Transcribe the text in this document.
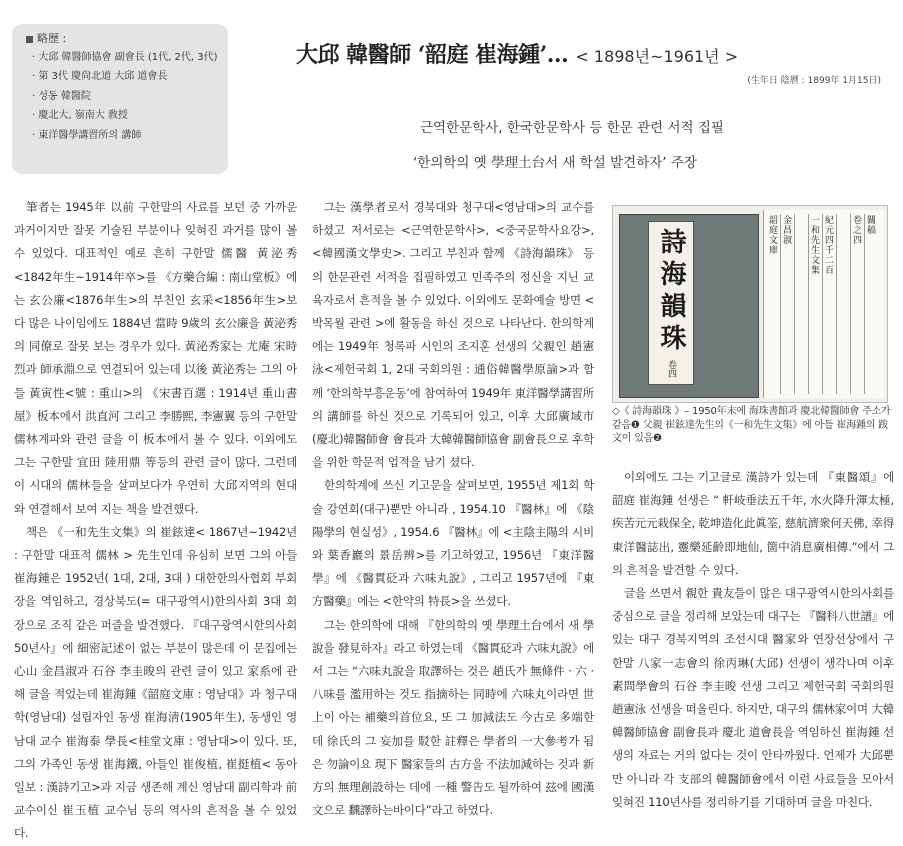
略歷 :
· 大邱 韓醫師協會 副會長 (1代, 2代, 3代)
· 第 3代 慶尙北道 大邱 道會長
· 성동 韓醫院
· 慶北大, 嶺南大 敎授
· 東洋醫學講習所의 講師
大邱 韓醫師 ‘韶庭 崔海鍾’… < 1898년~1961년 >
(生年日 陰曆 : 1899年 1月15日)
근역한문학사, 한국한문학사 등 한문 관련 서적 집필
‘한의학의 옛 學理土台서 새 학설 발견하자’ 주장

筆者는 1945年 以前 구한말의 사료를 보던 중 가까운 과거이지만 잘못 기술된 부분이나 잊혀진 과거를 많이 볼 수 있었다. 대표적인 예로 흔히 구한말 儒醫 黃泌秀<1842年生~1914年卒>를 《方藥合編 : 南山堂板》에는 玄公廉<1876年生>의 부친인 玄采<1856年生>보다 많은 나이임에도 1884년 當時 9歲의 玄公廉을 黃泌秀의 同僚로 잘못 보는 경우가 있다. 黃泌秀家는 尤庵 宋時烈과 師承淵으로 연결되어 있는데 以後 黃泌秀는 그의 아들 黃寅性<號 : 重山>의 《宋書百選 : 1914년 重山書屋》板本에서 洪直河 그리고 李勝熙, 李憲翼 등의 구한말 儒林계파와 관련 글을 이 板本에서 볼 수 있다. 이외에도 그는 구한말 宜田 陸用鼎 等등의 관련 글이 많다. 그런데 이 시대의 儒林들을 살펴보다가 우연히 大邱지역의 현대와 연결해서 보여 지는 책을 발견했다.

책은 《一和先生文集》의 崔鉉達< 1867년~1942년 : 구한말 대표적 儒林 > 先生인데 유심히 보면 그의 아들 崔海鍾은 1952년( 1대, 2대, 3대 ) 대한한의사협회 부회장을 역임하고, 경상북도(= 대구광역시)한의사회 3대 회장으로 조직 같은 퍼즐을 발견했다. 『대구광역시한의사회 50년사』에 細密記述이 없는 부분이 많은데 이 문집에는 心山 金昌淑과 石谷 李圭晙의 관련 글이 있고 家系에 관해 글을 적었는데 崔海鍾《韶庭文庫 : 영남대》과 청구대학(영남대) 설립자인 동생 崔海淸(1905年生), 동생인 영남대 교수 崔海泰 學長<桂堂文庫 : 영남대>이 있다. 또, 그의 가족인 동생 崔海鐵, 아들인 崔俊植, 崔挺植< 동아일보 : 漢詩기고>과 지금 생존해 계신 영남대 副리학과 前 교수이신 崔玉植 교수님 등의 역사의 흔적을 볼 수 있었다.

그는 漢學者로서 경북대와 청구대<영남대>의 교수를 하셨고 저서로는 <근역한문학사>, <중국문학사요강>, <韓國漢文學史>. 그리고 부친과 함께 《詩海韻珠》 등의 한문관련 서적을 집필하였고 민족주의 정신을 지닌 교육자로서 흔적을 볼 수 있었다. 이외에도 문화예술 방면 < 박목월 관련 >에 활동을 하신 것으로 나타난다. 한의학계에는 1949年 청록파 시인의 조지훈 선생의 父親인 趙憲泳<제헌국회 1, 2대 국회의원 : 通俗韓醫學原論>과 함께 ‘한의학부흥운동’에 참여하여 1949年 東洋醫學講習所의 講師를 하신 것으로 기록되어 있고, 이후 大邱廣域市(慶北)韓醫師會 會長과 大韓韓醫師協會 副會長으로 후학을 위한 학문적 업적을 남기 셨다.

한의학계에 쓰신 기고문을 살펴보면, 1955년 제1회 학술 강연회(대구)뿐만 아니라 , 1954.10 『醫林』에 《陰陽學의 현실성》, 1954.6 『醫林』에 <主陰主陽의 시비와 葉香巖의 景岳辨>를 기고하였고, 1956년 『東洋醫學』에 《醫貫砭과 六味丸說》, 그리고 1957년에 『東方醫藥』에는 <한약의 特長>을 쓰셨다.

그는 한의학에 대해 『한의학의 옛 學理土台에서 새 學說을 發見하자』라고 하였는데 《醫貫砭과 六味丸說》에서 그는 “六味丸說을 取譯하는 것은 趙氏가 無條件 · 六 · 八味를 濫用하는 것도 指摘하는 同時에 六味丸이라면 世上이 아는 補藥의首位요, 또 그 加減法도 今古로 多端한데 徐氏의 그 妄加를 駁한 註釋은 學者의 一大參考가 됨은 勿論이요 現下 醫家들의 古方을 不法加減하는 것과 新方의 無理創設하는 데에 一種 警告도 될까하여 玆에 國漢文으로 飜譯하는바이다”라고 하였다.

詩海韻珠
卷四
韶庭文庫
金昌淑
一和先生文集
紀元四千二百
卷之四
關稿
◇《 詩海韻珠 》– 1950年末에 海珠書館과 慶北韓醫師會 주소가 같음❶ 父親 崔鉉達先生의《一和先生文集》에 아들 崔海鍾의 跋文이 있음❷

이외에도 그는 기고글로 漢詩가 있는데 『東醫頌』에 韶庭 崔海鍾 선생은 “ 軒岐垂法五千年, 水火降升渾太極, 疾苦元元栽保全, 乾坤造化此眞筌, 慈航濟衆何天佛, 幸得東洋醫誌出, 靈樂延齡即地仙, 箇中消息廣相傳.”에서 그의 흔적을 발견할 수 있다.

글을 쓰면서 親한 貴友들이 많은 대구광역시한의사회를 중심으로 글을 정리해 보았는데 대구는 『醫科八世譜』에 있는 대구 경북지역의 조선시대 醫家와 연장선상에서 구한말 八家一志會의 徐丙琳(大邱) 선생이 생각나며 이후 素問學會의 石谷 李圭晙 선생 그리고 제헌국회 국회의원 趙憲泳 선생을 떠올린다. 하지만, 대구의 儒林家이며 大韓韓醫師協會 副會長과 慶北 道會長을 역임하신 崔海鍾 선생의 자료는 거의 없다는 것이 안타까웠다. 언제가 大邱뿐만 아니라 각 支部의 韓醫師會에서 이런 사료들을 모아서 잊혀진 110년사를 정리하기를 기대하며 글을 마친다.
